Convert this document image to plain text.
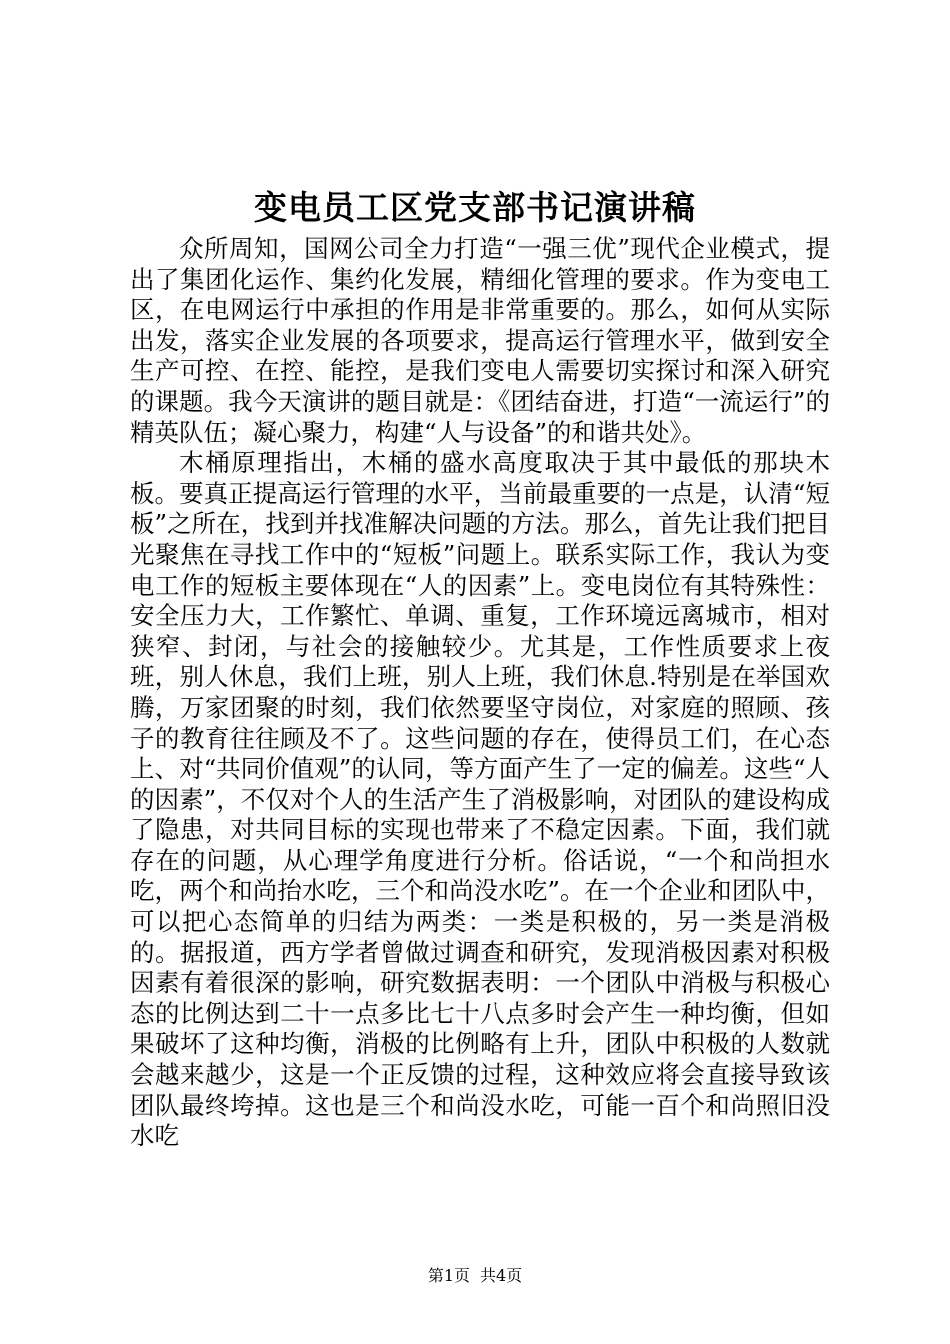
变电员工区党支部书记演讲稿

众所周知，国网公司全力打造“一强三优”现代企业模式，提出了集团化运作、集约化发展，精细化管理的要求。作为变电工区，在电网运行中承担的作用是非常重要的。那么，如何从实际出发，落实企业发展的各项要求，提高运行管理水平，做到安全生产可控、在控、能控，是我们变电人需要切实探讨和深入研究的课题。我今天演讲的题目就是：《团结奋进，打造“一流运行”的精英队伍；凝心聚力，构建“人与设备”的和谐共处》。

木桶原理指出，木桶的盛水高度取决于其中最低的那块木板。要真正提高运行管理的水平，当前最重要的一点是，认清“短板”之所在，找到并找准解决问题的方法。那么，首先让我们把目光聚焦在寻找工作中的“短板”问题上。联系实际工作，我认为变电工作的短板主要体现在“人的因素”上。变电岗位有其特殊性：安全压力大，工作繁忙、单调、重复，工作环境远离城市，相对狭窄、封闭，与社会的接触较少。尤其是，工作性质要求上夜班，别人休息，我们上班，别人上班，我们休息.特别是在举国欢腾，万家团聚的时刻，我们依然要坚守岗位，对家庭的照顾、孩子的教育往往顾及不了。这些问题的存在，使得员工们，在心态上、对“共同价值观”的认同，等方面产生了一定的偏差。这些“人的因素”，不仅对个人的生活产生了消极影响，对团队的建设构成了隐患，对共同目标的实现也带来了不稳定因素。下面，我们就存在的问题，从心理学角度进行分析。俗话说，“一个和尚担水吃，两个和尚抬水吃，三个和尚没水吃”。在一个企业和团队中，可以把心态简单的归结为两类：一类是积极的，另一类是消极的。据报道，西方学者曾做过调查和研究，发现消极因素对积极因素有着很深的影响，研究数据表明：一个团队中消极与积极心态的比例达到二十一点多比七十八点多时会产生一种均衡，但如果破坏了这种均衡，消极的比例略有上升，团队中积极的人数就会越来越少，这是一个正反馈的过程，这种效应将会直接导致该团队最终垮掉。这也是三个和尚没水吃，可能一百个和尚照旧没水吃

第1页 共4页
